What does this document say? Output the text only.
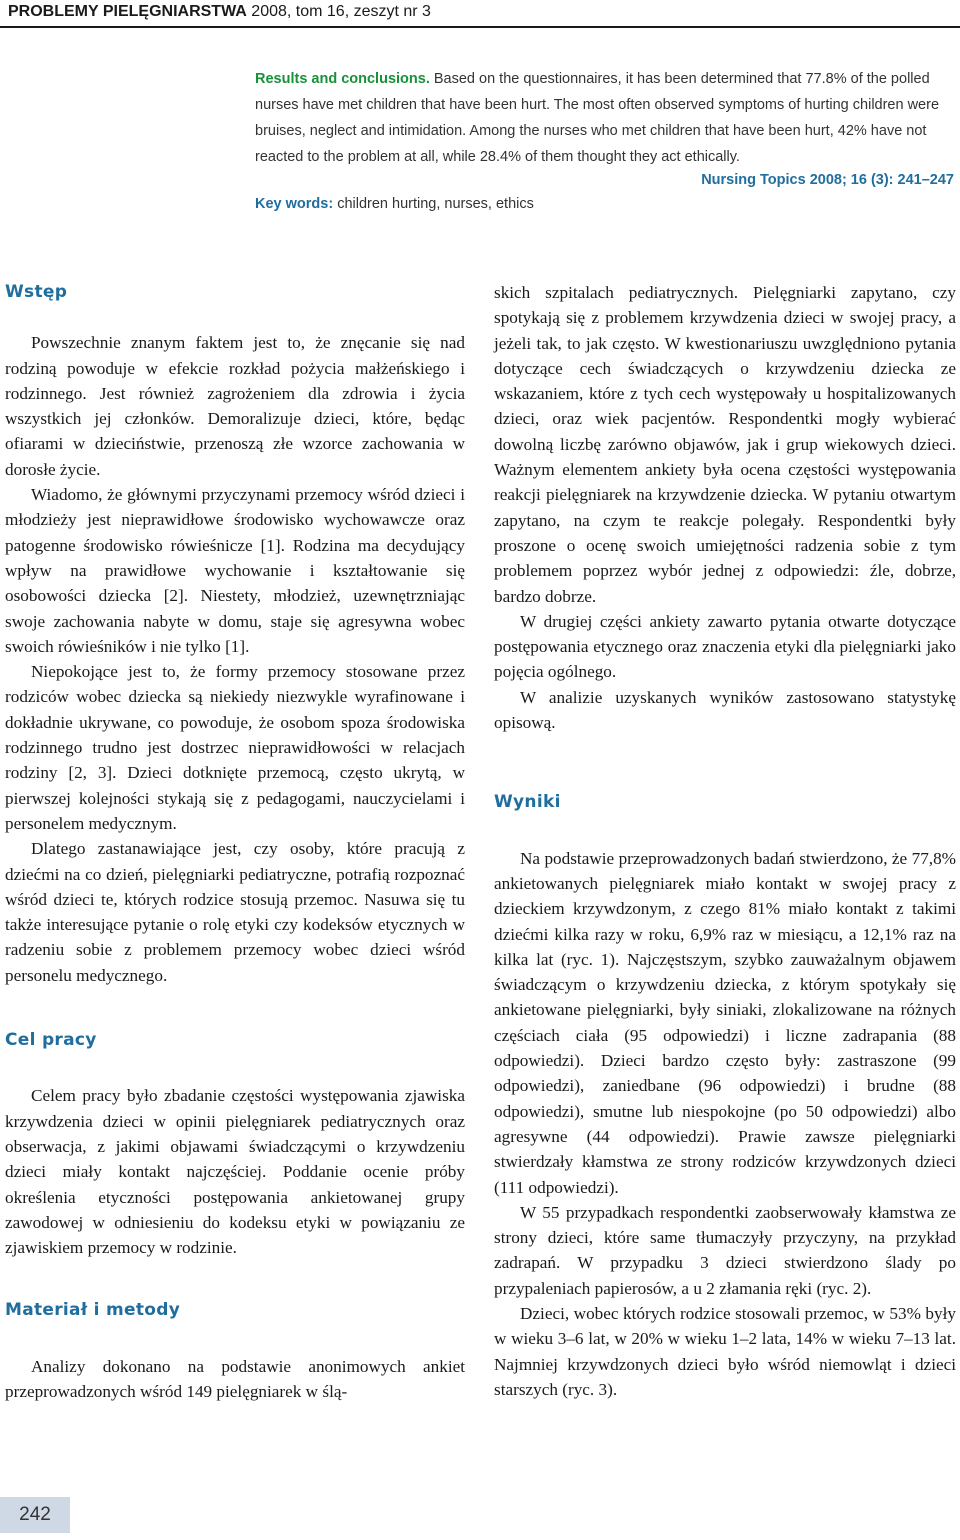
PROBLEMY PIELĘGNIARSTWA 2008, tom 16, zeszyt nr 3
Results and conclusions. Based on the questionnaires, it has been determined that 77.8% of the polled nurses have met children that have been hurt. The most often observed symptoms of hurting children were bruises, neglect and intimidation. Among the nurses who met children that have been hurt, 42% have not reacted to the problem at all, while 28.4% of them thought they act ethically.
Nursing Topics 2008; 16 (3): 241–247
Key words: children hurting, nurses, ethics
Wstęp

Powszechnie znanym faktem jest to, że znęcanie się nad rodziną powoduje w efekcie rozkład pożycia małżeńskiego i rodzinnego. Jest również zagrożeniem dla zdrowia i życia wszystkich jej członków. Demoralizuje dzieci, które, będąc ofiarami w dzieciństwie, przenoszą złe wzorce zachowania w dorosłe życie.

Wiadomo, że głównymi przyczynami przemocy wśród dzieci i młodzieży jest nieprawidłowe środowisko wychowawcze oraz patogenne środowisko rówieśnicze [1]. Rodzina ma decydujący wpływ na prawidłowe wychowanie i kształtowanie się osobowości dziecka [2]. Niestety, młodzież, uzewnętrzniając swoje zachowania nabyte w domu, staje się agresywna wobec swoich rówieśników i nie tylko [1].

Niepokojące jest to, że formy przemocy stosowane przez rodziców wobec dziecka są niekiedy niezwykle wyrafinowane i dokładnie ukrywane, co powoduje, że osobom spoza środowiska rodzinnego trudno jest dostrzec nieprawidłowości w relacjach rodziny [2, 3]. Dzieci dotknięte przemocą, często ukrytą, w pierwszej kolejności stykają się z pedagogami, nauczycielami i personelem medycznym.

Dlatego zastanawiające jest, czy osoby, które pracują z dziećmi na co dzień, pielęgniarki pediatryczne, potrafią rozpoznać wśród dzieci te, których rodzice stosują przemoc. Nasuwa się tu także interesujące pytanie o rolę etyki czy kodeksów etycznych w radzeniu sobie z problemem przemocy wobec dzieci wśród personelu medycznego.

Cel pracy

Celem pracy było zbadanie częstości występowania zjawiska krzywdzenia dzieci w opinii pielęgniarek pediatrycznych oraz obserwacja, z jakimi objawami świadczącymi o krzywdzeniu dzieci miały kontakt najczęściej. Poddanie ocenie próby określenia etyczności postępowania ankietowanej grupy zawodowej w odniesieniu do kodeksu etyki w powiązaniu ze zjawiskiem przemocy w rodzinie.

Materiał i metody

Analizy dokonano na podstawie anonimowych ankiet przeprowadzonych wśród 149 pielęgniarek w ślą-

skich szpitalach pediatrycznych. Pielęgniarki zapytano, czy spotykają się z problemem krzywdzenia dzieci w swojej pracy, a jeżeli tak, to jak często. W kwestionariuszu uwzględniono pytania dotyczące cech świadczących o krzywdzeniu dziecka ze wskazaniem, które z tych cech występowały u hospitalizowanych dzieci, oraz wiek pacjentów. Respondentki mogły wybierać dowolną liczbę zarówno objawów, jak i grup wiekowych dzieci. Ważnym elementem ankiety była ocena częstości występowania reakcji pielęgniarek na krzywdzenie dziecka. W pytaniu otwartym zapytano, na czym te reakcje polegały. Respondentki były proszone o ocenę swoich umiejętności radzenia sobie z tym problemem poprzez wybór jednej z odpowiedzi: źle, dobrze, bardzo dobrze.

W drugiej części ankiety zawarto pytania otwarte dotyczące postępowania etycznego oraz znaczenia etyki dla pielęgniarki jako pojęcia ogólnego.

W analizie uzyskanych wyników zastosowano statystykę opisową.

Wyniki

Na podstawie przeprowadzonych badań stwierdzono, że 77,8% ankietowanych pielęgniarek miało kontakt w swojej pracy z dzieckiem krzywdzonym, z czego 81% miało kontakt z takimi dziećmi kilka razy w roku, 6,9% raz w miesiącu, a 12,1% raz na kilka lat (ryc. 1). Najczęstszym, szybko zauważalnym objawem świadczącym o krzywdzeniu dziecka, z którym spotykały się ankietowane pielęgniarki, były siniaki, zlokalizowane na różnych częściach ciała (95 odpowiedzi) i liczne zadrapania (88 odpowiedzi). Dzieci bardzo często były: zastraszone (99 odpowiedzi), zaniedbane (96 odpowiedzi) i brudne (88 odpowiedzi), smutne lub niespokojne (po 50 odpowiedzi) albo agresywne (44 odpowiedzi). Prawie zawsze pielęgniarki stwierdzały kłamstwa ze strony rodziców krzywdzonych dzieci (111 odpowiedzi).

W 55 przypadkach respondentki zaobserwowały kłamstwa ze strony dzieci, które same tłumaczyły przyczyny, na przykład zadrapań. W przypadku 3 dzieci stwierdzono ślady po przypaleniach papierosów, a u 2 złamania ręki (ryc. 2).

Dzieci, wobec których rodzice stosowali przemoc, w 53% były w wieku 3–6 lat, w 20% w wieku 1–2 lata, 14% w wieku 7–13 lat. Najmniej krzywdzonych dzieci było wśród niemowląt i dzieci starszych (ryc. 3).

242
